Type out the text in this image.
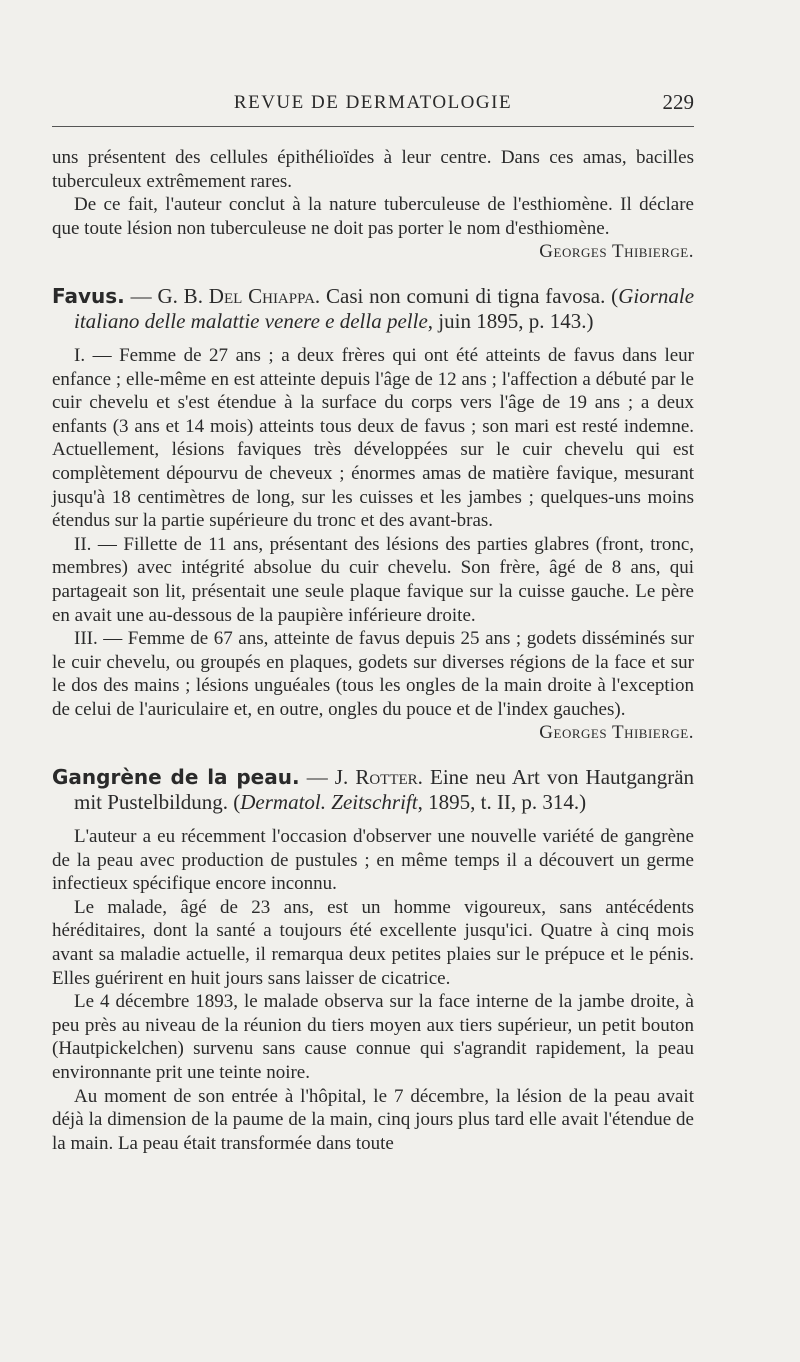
REVUE DE DERMATOLOGIE	229

uns présentent des cellules épithélioïdes à leur centre. Dans ces amas, bacilles tuberculeux extrêmement rares.

De ce fait, l'auteur conclut à la nature tuberculeuse de l'esthiomène. Il déclare que toute lésion non tuberculeuse ne doit pas porter le nom d'esthiomène.
Georges Thibierge.

Favus. — G. B. Del Chiappa. Casi non comuni di tigna favosa. (Giornale italiano delle malattie venere e della pelle, juin 1895, p. 143.)

I. — Femme de 27 ans ; a deux frères qui ont été atteints de favus dans leur enfance ; elle-même en est atteinte depuis l'âge de 12 ans ; l'affection a débuté par le cuir chevelu et s'est étendue à la surface du corps vers l'âge de 19 ans ; a deux enfants (3 ans et 14 mois) atteints tous deux de favus ; son mari est resté indemne. Actuellement, lésions faviques très développées sur le cuir chevelu qui est complètement dépourvu de cheveux ; énormes amas de matière favique, mesurant jusqu'à 18 centimètres de long, sur les cuisses et les jambes ; quelques-uns moins étendus sur la partie supérieure du tronc et des avant-bras.

II. — Fillette de 11 ans, présentant des lésions des parties glabres (front, tronc, membres) avec intégrité absolue du cuir chevelu. Son frère, âgé de 8 ans, qui partageait son lit, présentait une seule plaque favique sur la cuisse gauche. Le père en avait une au-dessous de la paupière inférieure droite.

III. — Femme de 67 ans, atteinte de favus depuis 25 ans ; godets disséminés sur le cuir chevelu, ou groupés en plaques, godets sur diverses régions de la face et sur le dos des mains ; lésions unguéales (tous les ongles de la main droite à l'exception de celui de l'auriculaire et, en outre, ongles du pouce et de l'index gauches).
Georges Thibierge.

Gangrène de la peau. — J. Rotter. Eine neu Art von Hautgangrän mit Pustelbildung. (Dermatol. Zeitschrift, 1895, t. II, p. 314.)

L'auteur a eu récemment l'occasion d'observer une nouvelle variété de gangrène de la peau avec production de pustules ; en même temps il a découvert un germe infectieux spécifique encore inconnu.

Le malade, âgé de 23 ans, est un homme vigoureux, sans antécédents héréditaires, dont la santé a toujours été excellente jusqu'ici. Quatre à cinq mois avant sa maladie actuelle, il remarqua deux petites plaies sur le prépuce et le pénis. Elles guérirent en huit jours sans laisser de cicatrice.

Le 4 décembre 1893, le malade observa sur la face interne de la jambe droite, à peu près au niveau de la réunion du tiers moyen aux tiers supérieur, un petit bouton (Hautpickelchen) survenu sans cause connue qui s'agrandit rapidement, la peau environnante prit une teinte noire.

Au moment de son entrée à l'hôpital, le 7 décembre, la lésion de la peau avait déjà la dimension de la paume de la main, cinq jours plus tard elle avait l'étendue de la main. La peau était transformée dans toute
